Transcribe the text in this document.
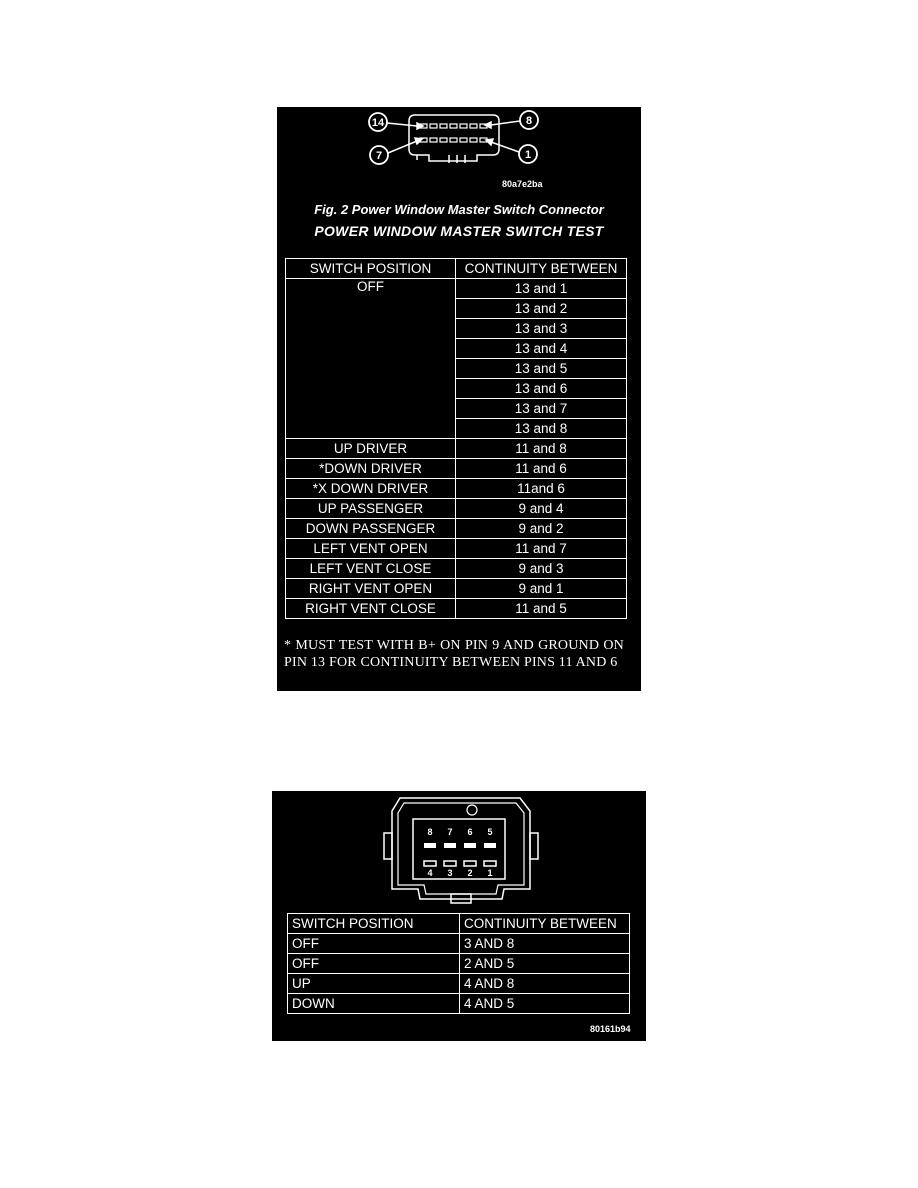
14	8
7	1
80a7e2ba
Fig. 2 Power Window Master Switch Connector
POWER WINDOW MASTER SWITCH TEST
SWITCH POSITION	CONTINUITY BETWEEN
OFF	13 and 1
	13 and 2
	13 and 3
	13 and 4
	13 and 5
	13 and 6
	13 and 7
	13 and 8
UP DRIVER	11 and 8
*DOWN DRIVER	11 and 6
*X DOWN DRIVER	11and 6
UP PASSENGER	9 and 4
DOWN PASSENGER	9 and 2
LEFT VENT OPEN	11 and 7
LEFT VENT CLOSE	9 and 3
RIGHT VENT OPEN	9 and 1
RIGHT VENT CLOSE	11 and 5
* MUST TEST WITH B+ ON PIN 9 AND GROUND ON PIN 13 FOR CONTINUITY BETWEEN PINS 11 AND 6
8 7 6 5
4 3 2 1
SWITCH POSITION	CONTINUITY BETWEEN
OFF	3 AND 8
OFF	2 AND 5
UP	4 AND 8
DOWN	4 AND 5
80161b94
